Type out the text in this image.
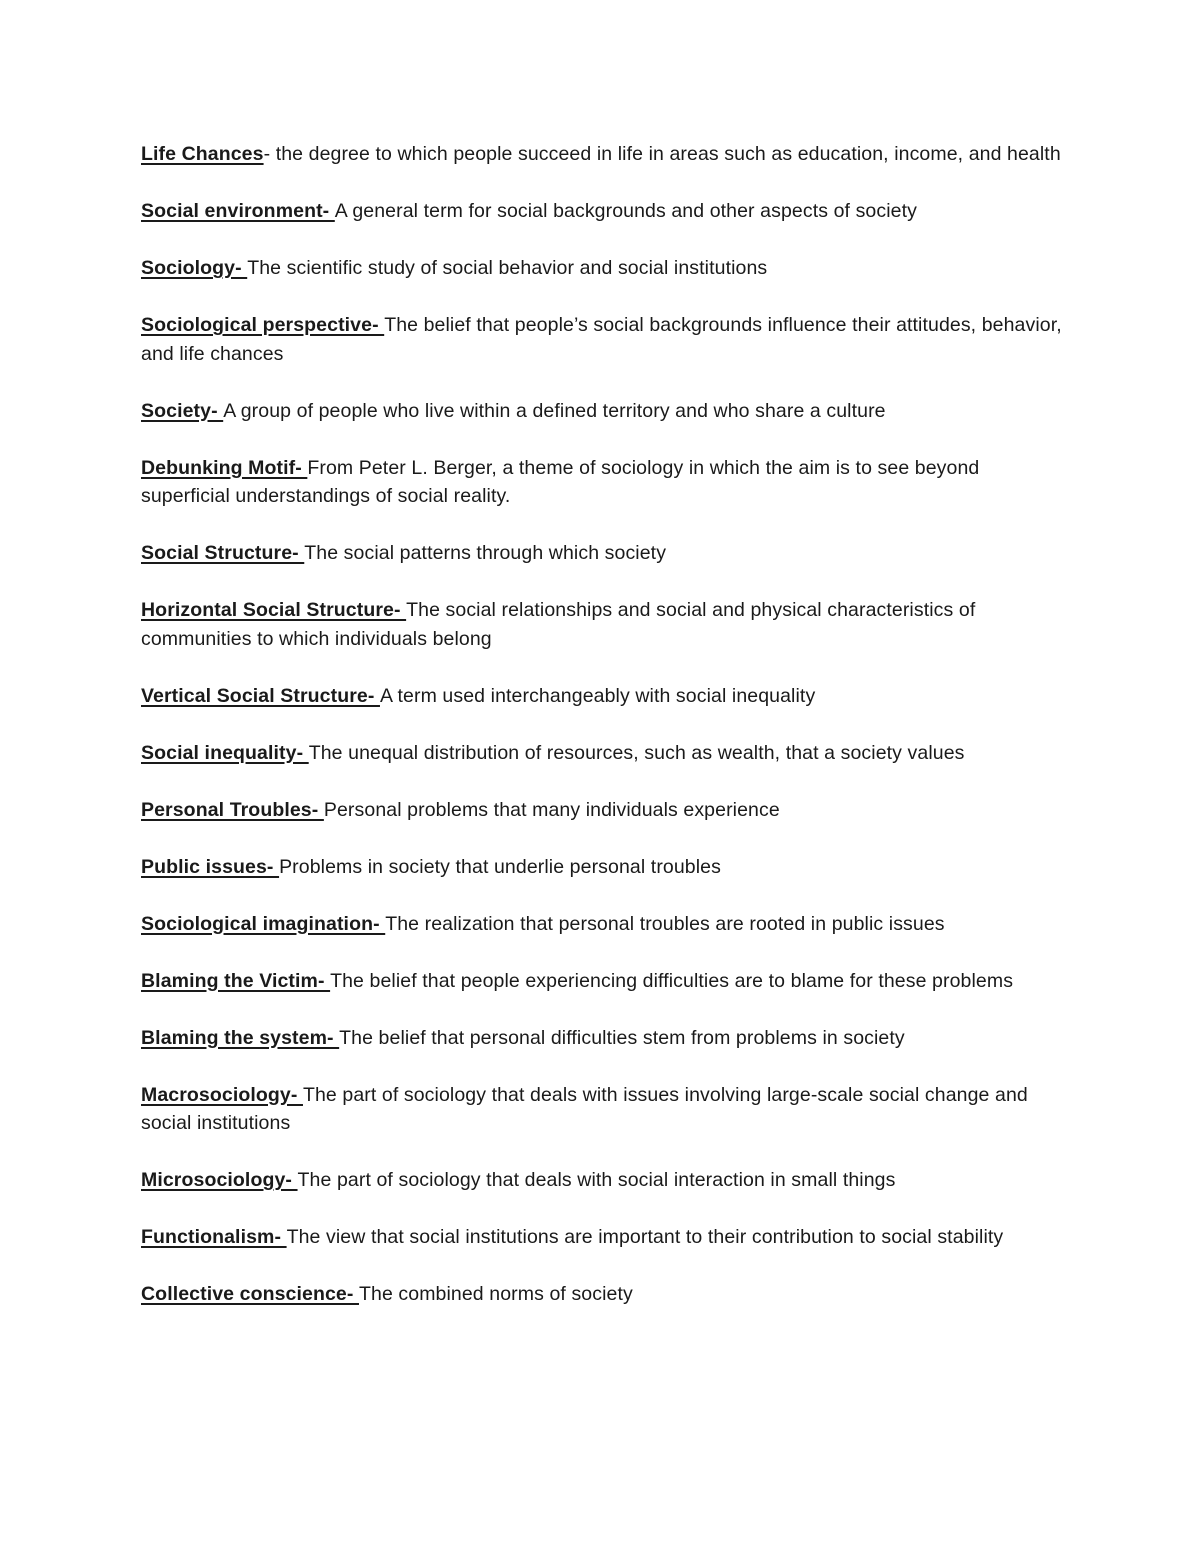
Life Chances- the degree to which people succeed in life in areas such as education, income, and health

Social environment- A general term for social backgrounds and other aspects of society

Sociology- The scientific study of social behavior and social institutions

Sociological perspective- The belief that people’s social backgrounds influence their attitudes, behavior, and life chances

Society- A group of people who live within a defined territory and who share a culture

Debunking Motif- From Peter L. Berger, a theme of sociology in which the aim is to see beyond superficial understandings of social reality.

Social Structure- The social patterns through which society

Horizontal Social Structure- The social relationships and social and physical characteristics of communities to which individuals belong

Vertical Social Structure- A term used interchangeably with social inequality

Social inequality- The unequal distribution of resources, such as wealth, that a society values

Personal Troubles- Personal problems that many individuals experience

Public issues- Problems in society that underlie personal troubles

Sociological imagination- The realization that personal troubles are rooted in public issues

Blaming the Victim- The belief that people experiencing difficulties are to blame for these problems

Blaming the system- The belief that personal difficulties stem from problems in society

Macrosociology- The part of sociology that deals with issues involving large-scale social change and social institutions

Microsociology- The part of sociology that deals with social interaction in small things

Functionalism- The view that social institutions are important to their contribution to social stability

Collective conscience- The combined norms of society
